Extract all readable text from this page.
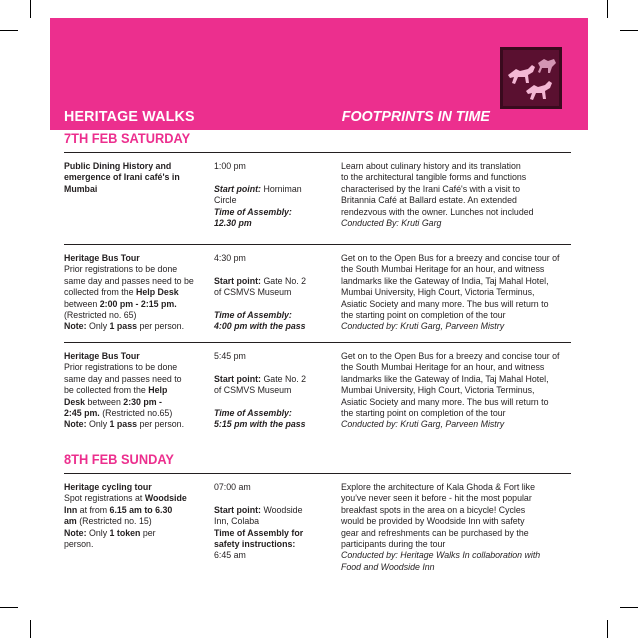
HERITAGE WALKS	FOOTPRINTS IN TIME
7TH FEB SATURDAY
Public Dining History and
emergence of Irani café's in
Mumbai
1:00 pm

Start point: Horniman
Circle
Time of Assembly:
12.30 pm
Learn about culinary history and its translation
to the architectural tangible forms and functions
characterised by the Irani Café's with a visit to
Britannia Café at Ballard estate. An extended
rendezvous with the owner. Lunches not included
Conducted By: Kruti Garg
Heritage Bus Tour
Prior registrations to be done
same day and passes need to be
collected from the Help Desk
between 2:00 pm - 2:15 pm.
(Restricted no. 65)
Note: Only 1 pass per person.
4:30 pm

Start point: Gate No. 2
of CSMVS Museum

Time of Assembly:
4:00 pm with the pass
Get on to the Open Bus for a breezy and concise tour of
the South Mumbai Heritage for an hour, and witness
landmarks like the Gateway of India, Taj Mahal Hotel,
Mumbai University, High Court, Victoria Terminus,
Asiatic Society and many more. The bus will return to
the starting point on completion of the tour
Conducted by: Kruti Garg, Parveen Mistry
Heritage Bus Tour
Prior registrations to be done
same day and passes need to
be collected from the Help
Desk between 2:30 pm -
2:45 pm. (Restricted no.65)
Note: Only 1 pass per person.
5:45 pm

Start point: Gate No. 2
of CSMVS Museum

Time of Assembly:
5:15 pm with the pass
Get on to the Open Bus for a breezy and concise tour of
the South Mumbai Heritage for an hour, and witness
landmarks like the Gateway of India, Taj Mahal Hotel,
Mumbai University, High Court, Victoria Terminus,
Asiatic Society and many more. The bus will return to
the starting point on completion of the tour
Conducted by: Kruti Garg, Parveen Mistry
8TH FEB SUNDAY
Heritage cycling tour
Spot registrations at Woodside
Inn at from 6.15 am to 6.30
am (Restricted no. 15)
Note: Only 1 token per
person.
07:00 am

Start point: Woodside
Inn, Colaba
Time of Assembly for
safety instructions:
6:45 am
Explore the architecture of Kala Ghoda & Fort like
you've never seen it before - hit the most popular
breakfast spots in the area on a bicycle! Cycles
would be provided by Woodside Inn with safety
gear and refreshments can be purchased by the
participants during the tour
Conducted by: Heritage Walks In collaboration with
Food and Woodside Inn
